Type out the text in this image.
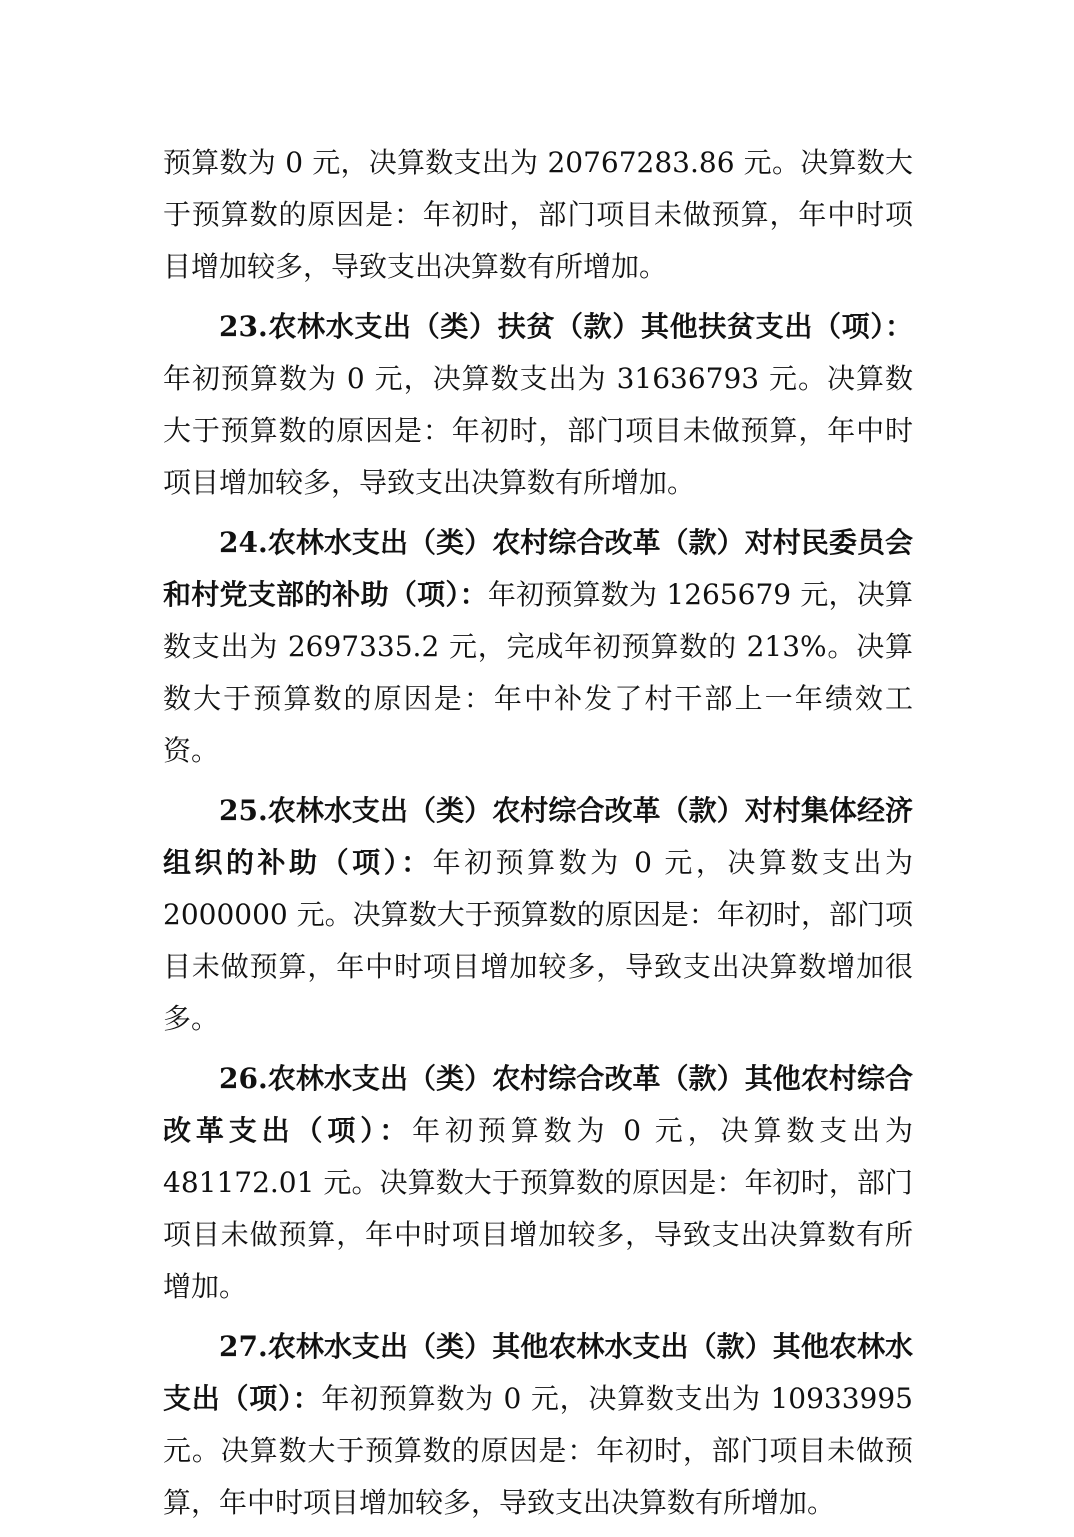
预算数为 0 元，决算数支出为 20767283.86 元。决算数大于预算数的原因是：年初时，部门项目未做预算，年中时项目增加较多，导致支出决算数有所增加。

23.农林水支出（类）扶贫（款）其他扶贫支出（项）：年初预算数为 0 元，决算数支出为 31636793 元。决算数大于预算数的原因是：年初时，部门项目未做预算，年中时项目增加较多，导致支出决算数有所增加。

24.农林水支出（类）农村综合改革（款）对村民委员会和村党支部的补助（项）：年初预算数为 1265679 元，决算数支出为 2697335.2 元，完成年初预算数的 213%。决算数大于预算数的原因是：年中补发了村干部上一年绩效工资。

25.农林水支出（类）农村综合改革（款）对村集体经济组织的补助（项）：年初预算数为 0 元，决算数支出为 2000000 元。决算数大于预算数的原因是：年初时，部门项目未做预算，年中时项目增加较多，导致支出决算数增加很多。

26.农林水支出（类）农村综合改革（款）其他农村综合改革支出（项）：年初预算数为 0 元，决算数支出为 481172.01 元。决算数大于预算数的原因是：年初时，部门项目未做预算，年中时项目增加较多，导致支出决算数有所增加。

27.农林水支出（类）其他农林水支出（款）其他农林水支出（项）：年初预算数为 0 元，决算数支出为 10933995 元。决算数大于预算数的原因是：年初时，部门项目未做预算，年中时项目增加较多，导致支出决算数有所增加。
